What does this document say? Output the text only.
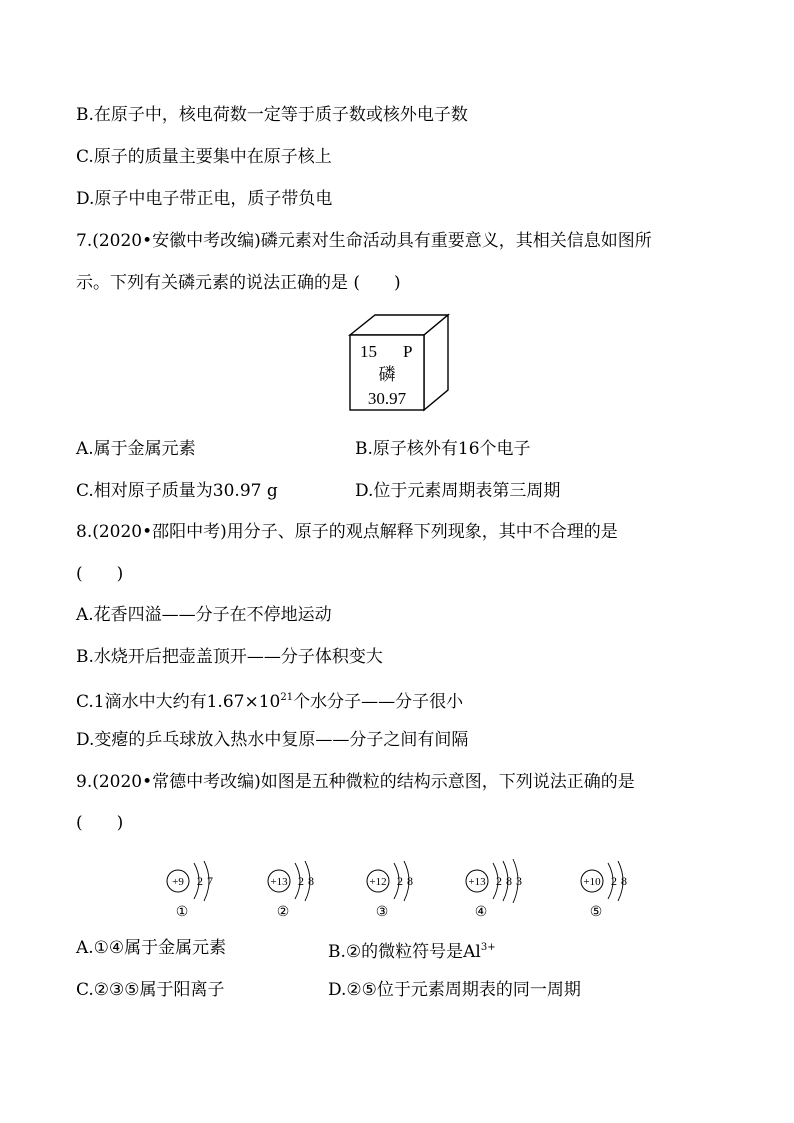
B.在原子中，核电荷数一定等于质子数或核外电子数
C.原子的质量主要集中在原子核上
D.原子中电子带正电，质子带负电
7.(2020•安徽中考改编)磷元素对生命活动具有重要意义，其相关信息如图所
示。下列有关磷元素的说法正确的是 (　　)
15 P
磷
30.97
A.属于金属元素	B.原子核外有16个电子
C.相对原子质量为30.97 g	D.位于元素周期表第三周期
8.(2020•邵阳中考)用分子、原子的观点解释下列现象，其中不合理的是
(　　)
A.花香四溢——分子在不停地运动
B.水烧开后把壶盖顶开——分子体积变大
C.1滴水中大约有$1.67\times 10^{21}$个水分子——分子很小
D.变瘪的乒乓球放入热水中复原——分子之间有间隔
9.(2020•常德中考改编)如图是五种微粒的结构示意图，下列说法正确的是
(　　)
+9 2 7
①
+13 2 8
②
+12 2 8
③
+13 2 8 3
④
+10 2 8
⑤
A.①④属于金属元素	B.②的微粒符号是$Al^{3+}$
C.②③⑤属于阳离子	D.②⑤位于元素周期表的同一周期
